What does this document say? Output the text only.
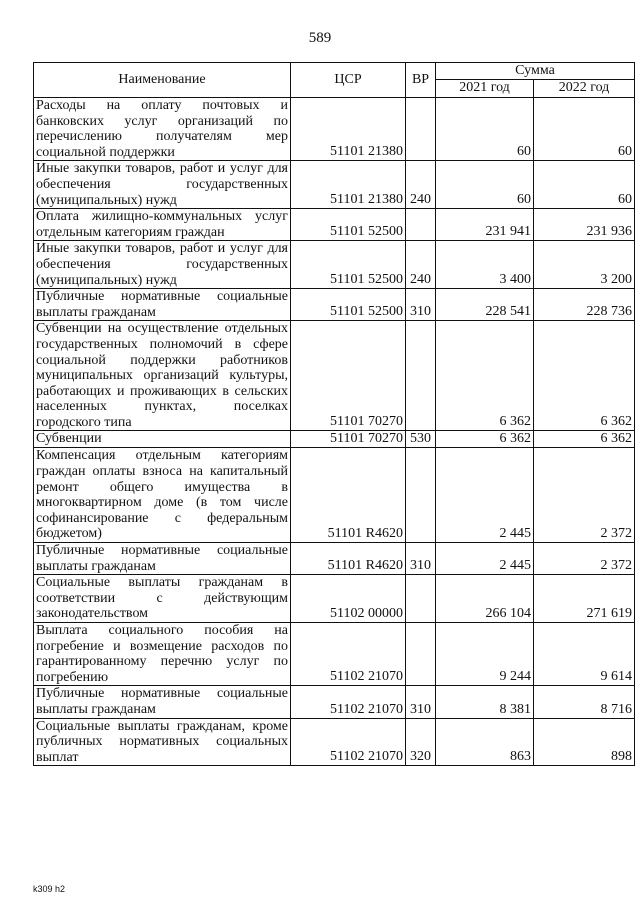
589
Наименование	ЦСР	ВР	Сумма	
			2021 год	2022 год
Расходы на оплату почтовых и банковских услуг организаций по перечислению получателям мер социальной поддержки	51101 21380		60	60
Иные закупки товаров, работ и услуг для обеспечения государственных (муниципальных) нужд	51101 21380	240	60	60
Оплата жилищно-коммунальных услуг отдельным категориям граждан	51101 52500		231 941	231 936
Иные закупки товаров, работ и услуг для обеспечения государственных (муниципальных) нужд	51101 52500	240	3 400	3 200
Публичные нормативные социальные выплаты гражданам	51101 52500	310	228 541	228 736
Субвенции на осуществление отдельных государственных полномочий в сфере социальной поддержки работников муниципальных организаций культуры, работающих и проживающих в сельских населенных пунктах, поселках городского типа	51101 70270		6 362	6 362
Субвенции	51101 70270	530	6 362	6 362
Компенсация отдельным категориям граждан оплаты взноса на капитальный ремонт общего имущества в многоквартирном доме (в том числе софинансирование с федеральным бюджетом)	51101 R4620		2 445	2 372
Публичные нормативные социальные выплаты гражданам	51101 R4620	310	2 445	2 372
Социальные выплаты гражданам в соответствии с действующим законодательством	51102 00000		266 104	271 619
Выплата социального пособия на погребение и возмещение расходов по гарантированному перечню услуг по погребению	51102 21070		9 244	9 614
Публичные нормативные социальные выплаты гражданам	51102 21070	310	8 381	8 716
Социальные выплаты гражданам, кроме публичных нормативных социальных выплат	51102 21070	320	863	898
k309 h2
